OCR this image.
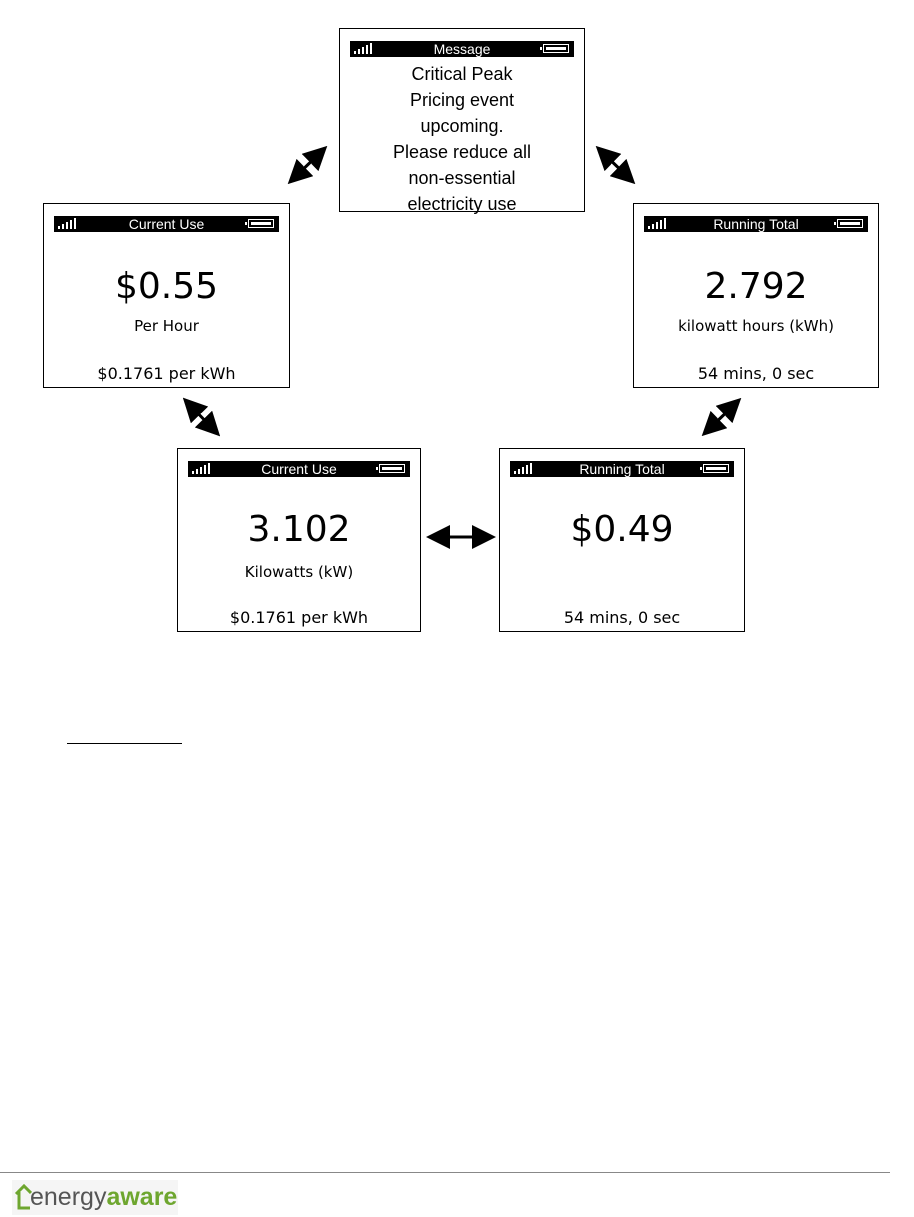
Message
Critical Peak
Pricing event
upcoming.
Please reduce all
non-essential
electricity use
Current Use
$0.55
Per Hour
$0.1761 per kWh
Running Total
2.792
kilowatt hours (kWh)
54 mins, 0 sec
Current Use
3.102
Kilowatts (kW)
$0.1761 per kWh
Running Total
$0.49
54 mins, 0 sec
energyaware
